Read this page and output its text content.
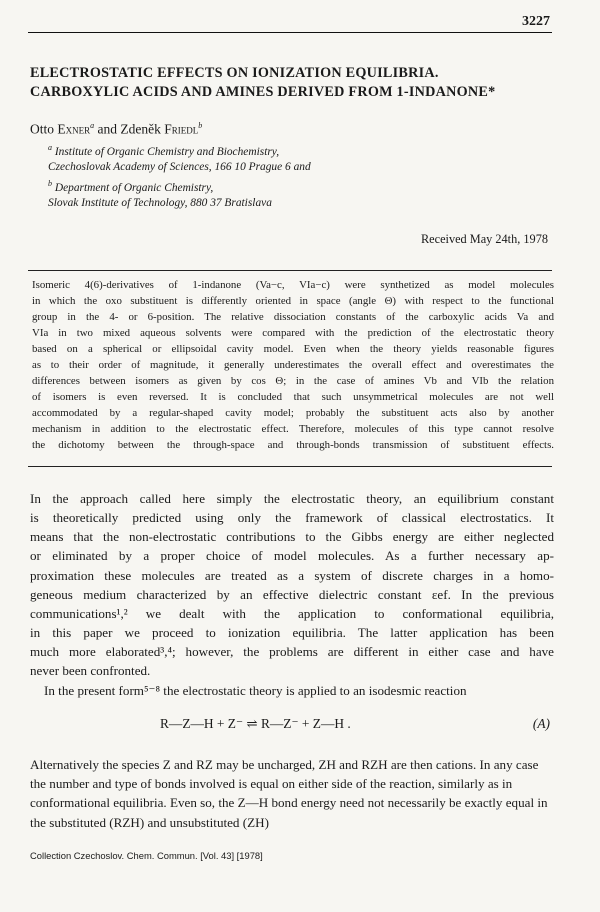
3227
ELECTROSTATIC EFFECTS ON IONIZATION EQUILIBRIA.
CARBOXYLIC ACIDS AND AMINES DERIVED FROM 1-INDANONE*
Otto Exner$^a$ and Zdeněk Friedl$^b$
$^a$ Institute of Organic Chemistry and Biochemistry,
Czechoslovak Academy of Sciences, 166 10 Prague 6 and
$^b$ Department of Organic Chemistry,
Slovak Institute of Technology, 880 37 Bratislava
Received May 24th, 1978
Isomeric 4(6)-derivatives of 1-indanone (Va−c, VIa−c) were synthetized as model molecules
in which the oxo substituent is differently oriented in space (angle Θ) with respect to the functional
group in the 4- or 6-position. The relative dissociation constants of the carboxylic acids Va and
VIa in two mixed aqueous solvents were compared with the prediction of the electrostatic theory
based on a spherical or ellipsoidal cavity model. Even when the theory yields reasonable figures
as to their order of magnitude, it generally underestimates the overall effect and overestimates the
differences between isomers as given by cos Θ; in the case of amines Vb and VIb the relation
of isomers is even reversed. It is concluded that such unsymmetrical molecules are not well
accommodated by a regular-shaped cavity model; probably the substituent acts also by another
mechanism in addition to the electrostatic effect. Therefore, molecules of this type cannot resolve
the dichotomy between the through-space and through-bonds transmission of substituent effects.
In the approach called here simply the electrostatic theory, an equilibrium constant
is theoretically predicted using only the framework of classical electrostatics. It
means that the non-electrostatic contributions to the Gibbs energy are either neglected
or eliminated by a proper choice of model molecules. As a further necessary ap-
proximation these molecules are treated as a system of discrete charges in a homo-
geneous medium characterized by an effective dielectric constant εef. In the previous
communications¹,² we dealt with the application to conformational equilibria,
in this paper we proceed to ionization equilibria. The latter application has been
much more elaborated³,⁴; however, the problems are different in either case and have
never been confronted.
In the present form⁵⁻⁸ the electrostatic theory is applied to an isodesmic reaction
R—Z—H + Z⁻ ⇌ R—Z⁻ + Z—H .	(A)
Alternatively the species Z and RZ may be uncharged, ZH and RZH are then cations. In any case the number and type of bonds involved is equal on either side of the reaction, similarly as in conformational equilibria. Even so, the Z—H bond energy need not necessarily be exactly equal in the substituted (RZH) and unsubstituted (ZH)
Collection Czechoslov. Chem. Commun. [Vol. 43] [1978]
